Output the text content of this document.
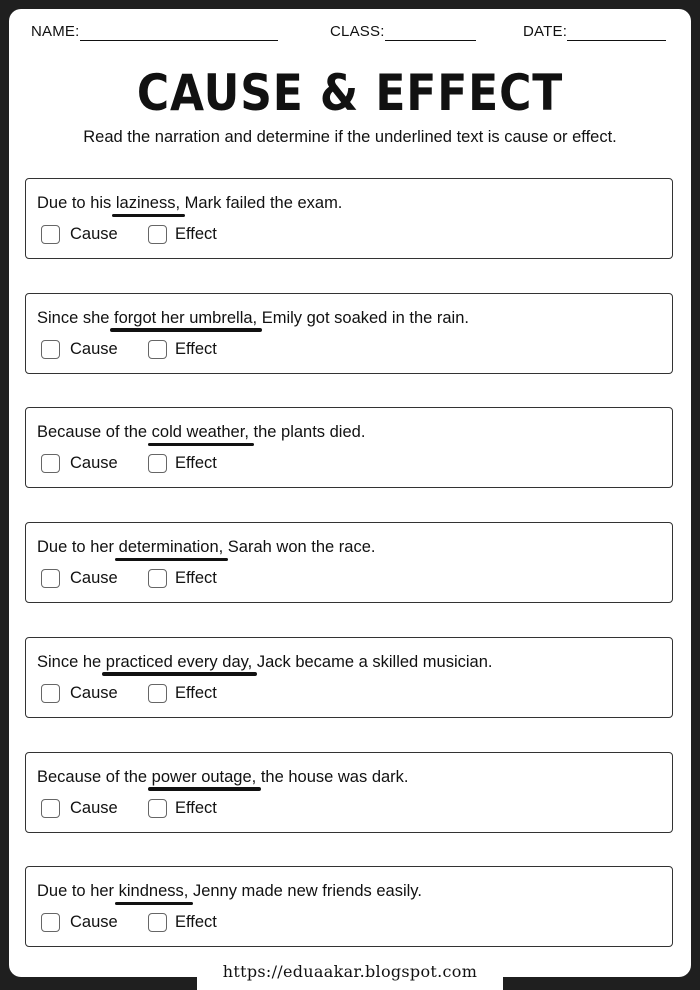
NAME:	CLASS:	DATE:
CAUSE & EFFECT
Read the narration and determine if the underlined text is cause or effect.
Due to his laziness, Mark failed the exam.
Cause	Effect
Since she forgot her umbrella, Emily got soaked in the rain.
Cause	Effect
Because of the cold weather, the plants died.
Cause	Effect
Due to her determination, Sarah won the race.
Cause	Effect
Since he practiced every day, Jack became a skilled musician.
Cause	Effect
Because of the power outage, the house was dark.
Cause	Effect
Due to her kindness, Jenny made new friends easily.
Cause	Effect
https://eduaakar.blogspot.com
